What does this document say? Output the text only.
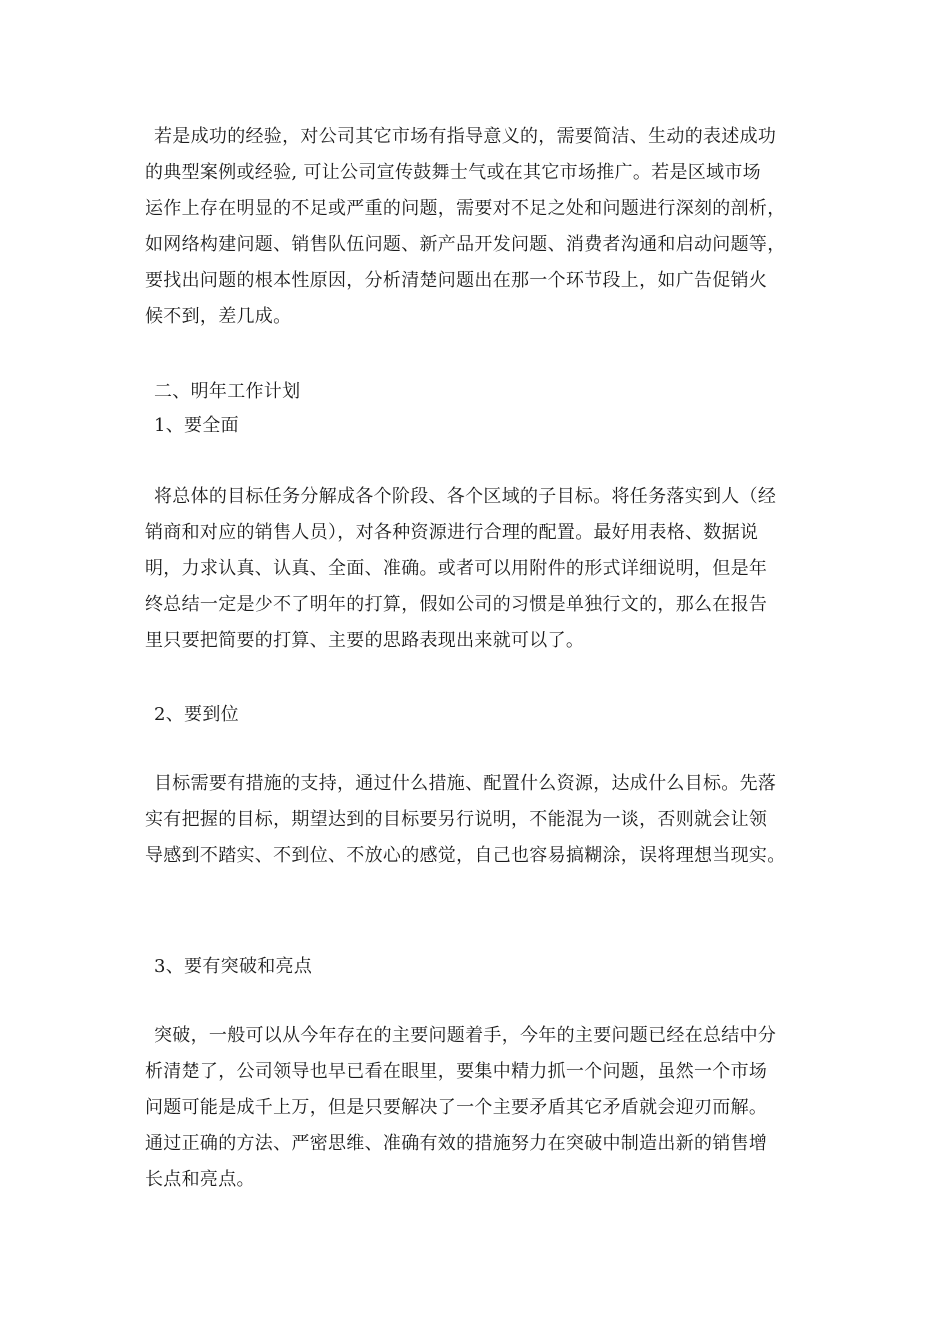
若是成功的经验，对公司其它市场有指导意义的，需要简洁、生动的表述成功
的典型案例或经验, 可让公司宣传鼓舞士气或在其它市场推广。若是区域市场
运作上存在明显的不足或严重的问题，需要对不足之处和问题进行深刻的剖析，
如网络构建问题、销售队伍问题、新产品开发问题、消费者沟通和启动问题等，
要找出问题的根本性原因，分析清楚问题出在那一个环节段上，如广告促销火
候不到，差几成。
二、明年工作计划
1、要全面
将总体的目标任务分解成各个阶段、各个区域的子目标。将任务落实到人（经
销商和对应的销售人员），对各种资源进行合理的配置。最好用表格、数据说
明，力求认真、认真、全面、准确。或者可以用附件的形式详细说明，但是年
终总结一定是少不了明年的打算，假如公司的习惯是单独行文的，那么在报告
里只要把简要的打算、主要的思路表现出来就可以了。
2、要到位
目标需要有措施的支持，通过什么措施、配置什么资源，达成什么目标。先落
实有把握的目标，期望达到的目标要另行说明，不能混为一谈，否则就会让领
导感到不踏实、不到位、不放心的感觉，自己也容易搞糊涂，误将理想当现实。
3、要有突破和亮点
突破，一般可以从今年存在的主要问题着手，今年的主要问题已经在总结中分
析清楚了，公司领导也早已看在眼里，要集中精力抓一个问题，虽然一个市场
问题可能是成千上万，但是只要解决了一个主要矛盾其它矛盾就会迎刃而解。
通过正确的方法、严密思维、准确有效的措施努力在突破中制造出新的销售增
长点和亮点。
